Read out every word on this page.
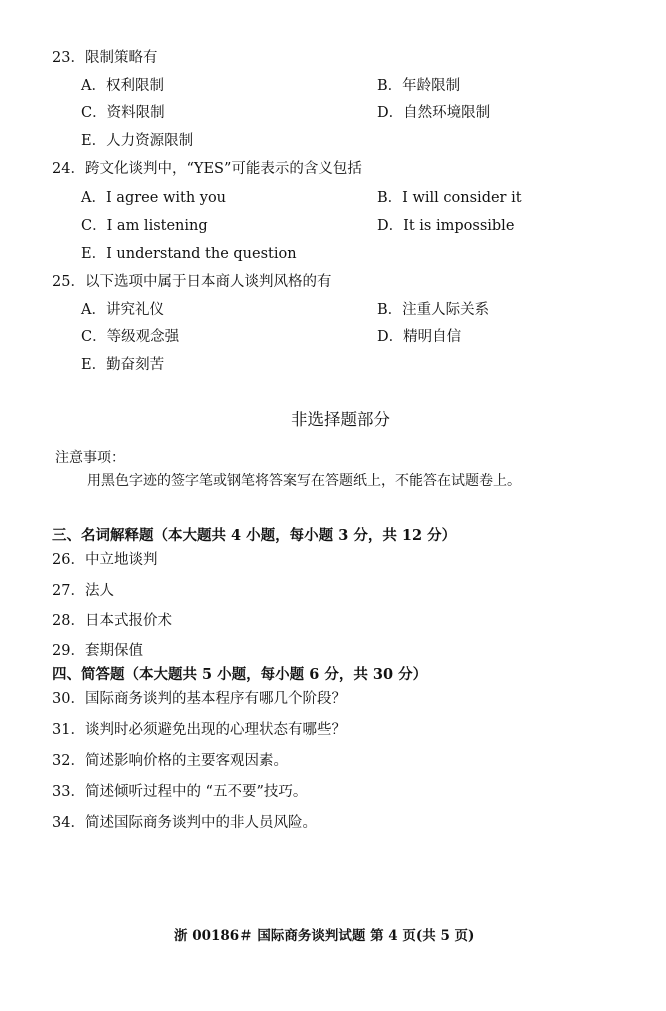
23．限制策略有
A．权利限制	B．年龄限制
C．资料限制	D．自然环境限制
E．人力资源限制
24．跨文化谈判中，“YES”可能表示的含义包括
A．I agree with you	B．I will consider it
C．I am listening	D．It is impossible
E．I understand the question
25．以下选项中属于日本商人谈判风格的有
A．讲究礼仪	B．注重人际关系
C．等级观念强	D．精明自信
E．勤奋刻苦
非选择题部分
注意事项：
用黑色字迹的签字笔或钢笔将答案写在答题纸上，不能答在试题卷上。
三、名词解释题（本大题共 4 小题，每小题 3 分，共 12 分）
26．中立地谈判
27．法人
28．日本式报价术
29．套期保值
四、简答题（本大题共 5 小题，每小题 6 分，共 30 分）
30．国际商务谈判的基本程序有哪几个阶段？
31．谈判时必须避免出现的心理状态有哪些？
32．简述影响价格的主要客观因素。
33．简述倾听过程中的 “五不要”技巧。
34．简述国际商务谈判中的非人员风险。
浙 00186＃ 国际商务谈判试题 第 4 页(共 5 页)
